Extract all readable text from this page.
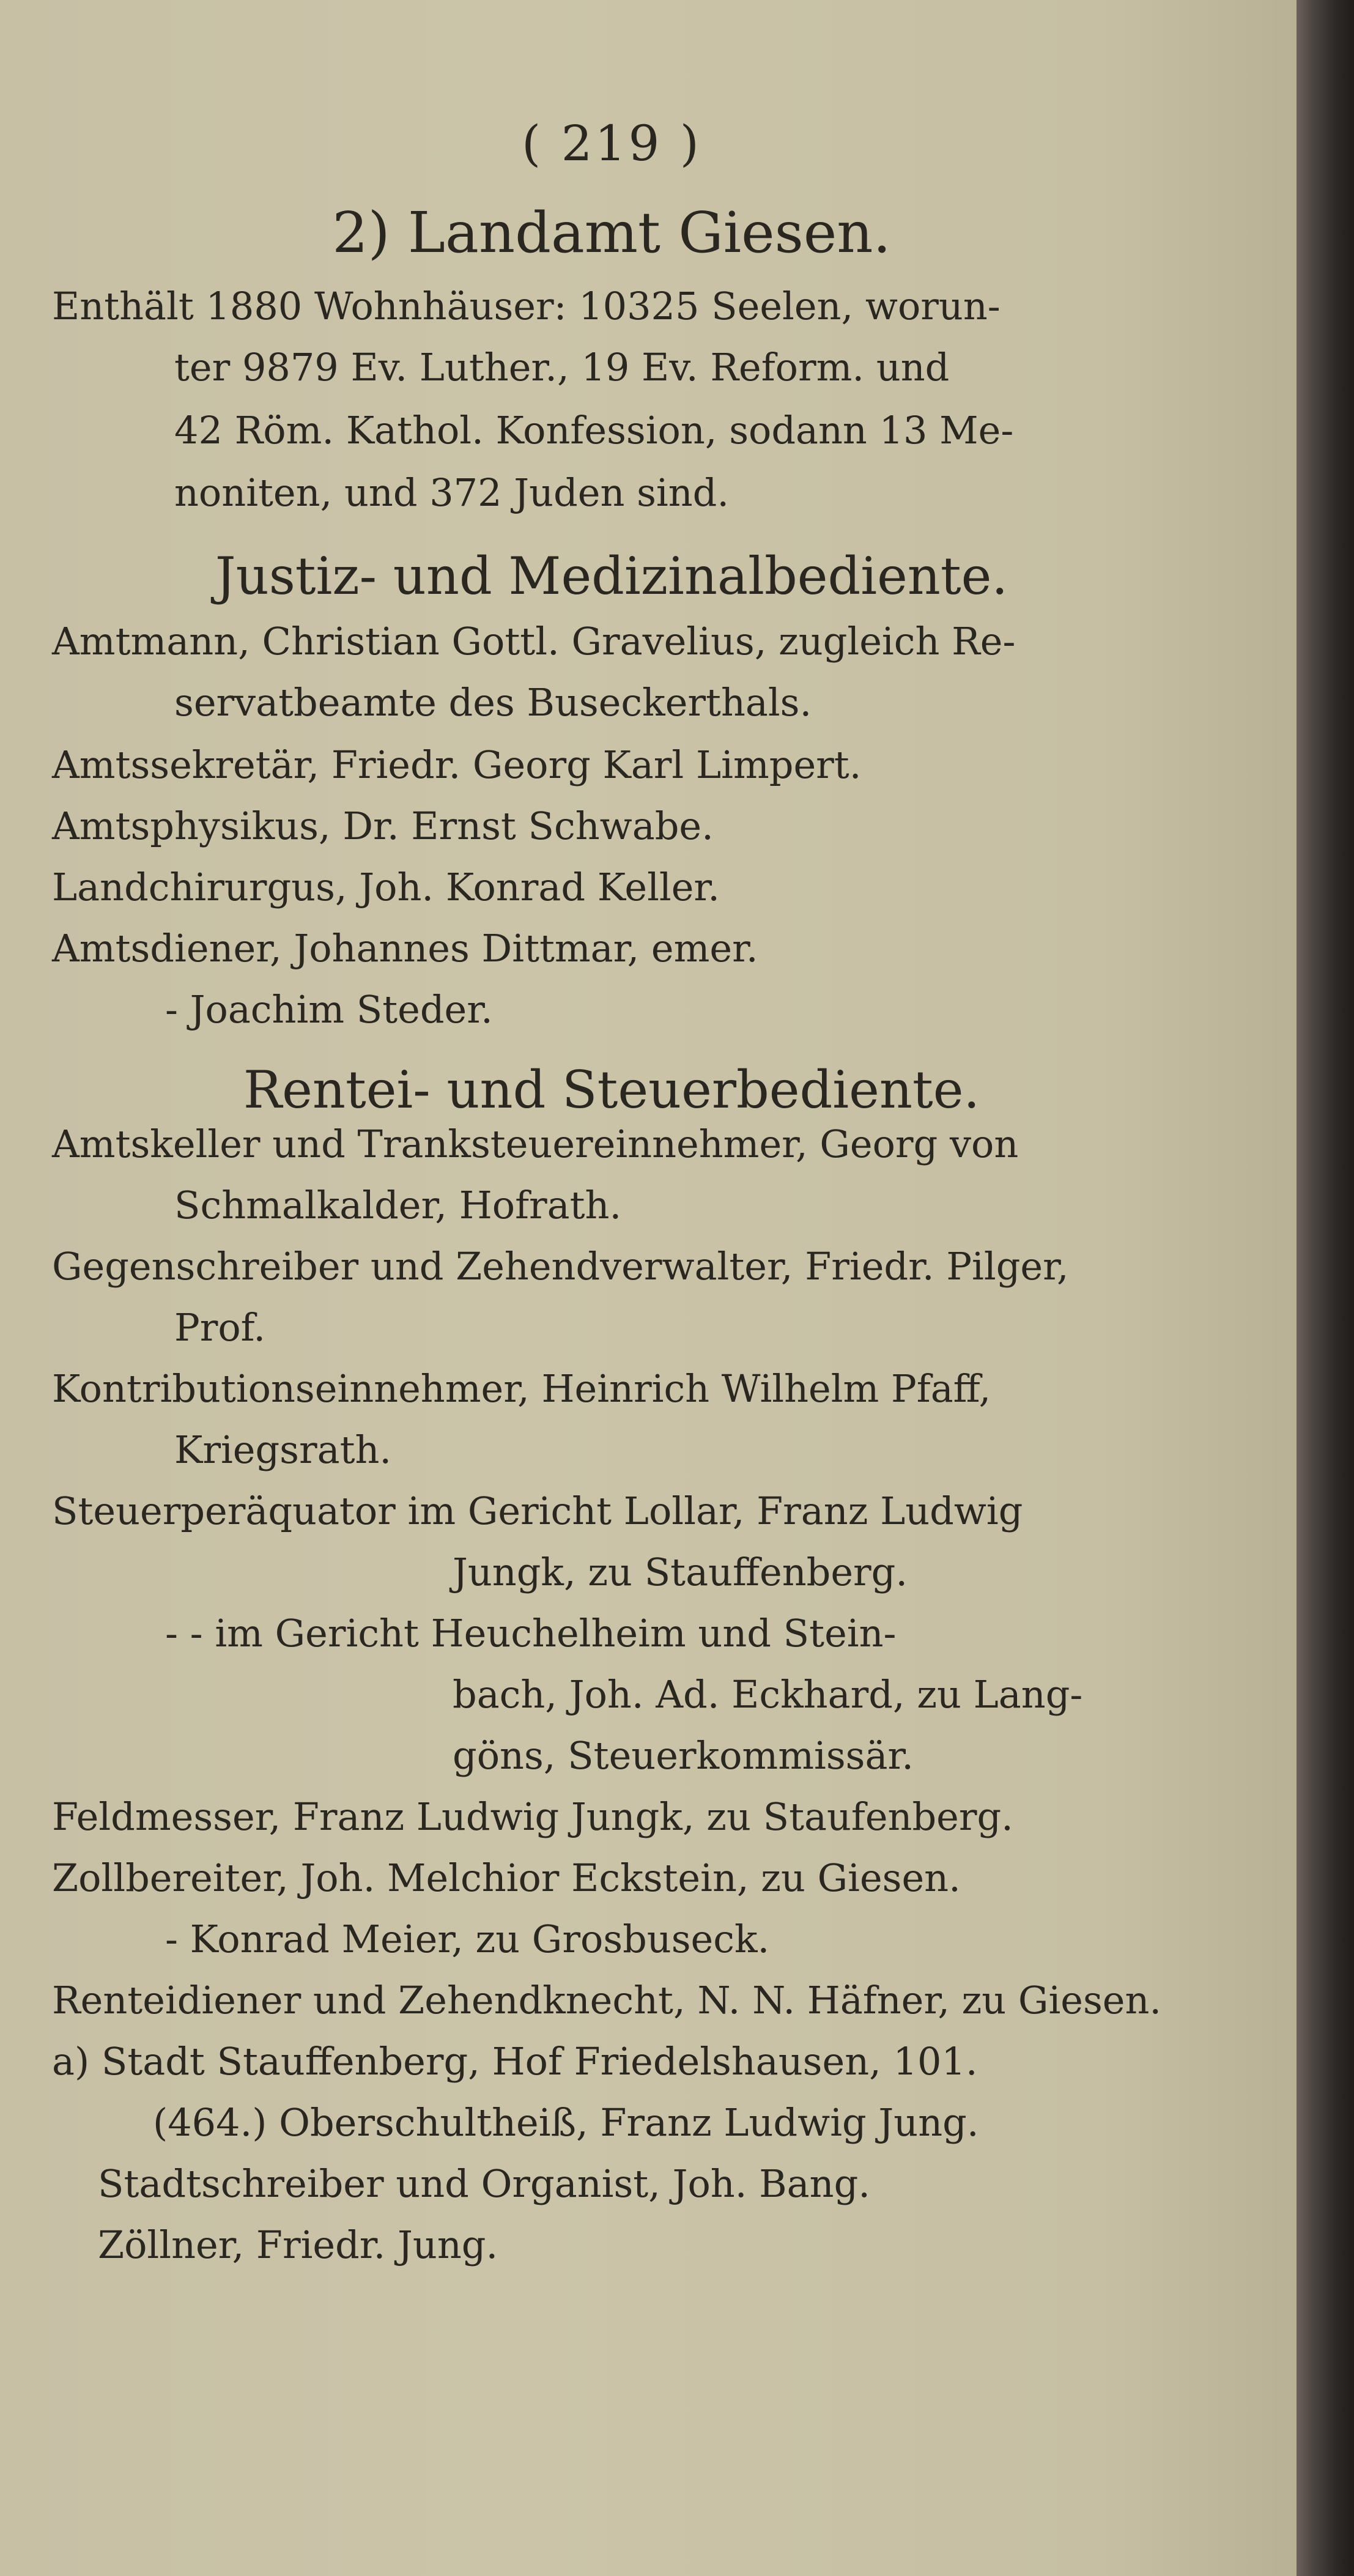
( 219 )
2) Landamt Giesen.
Enthält 1880 Wohnhäuser: 10325 Seelen, worun-
ter 9879 Ev. Luther., 19 Ev. Reform. und
42 Röm. Kathol. Konfession, sodann 13 Me-
noniten, und 372 Juden sind.
Justiz- und Medizinalbediente.
Amtmann, Christian Gottl. Gravelius, zugleich Re-
servatbeamte des Buseckerthals.
Amtssekretär, Friedr. Georg Karl Limpert.
Amtsphysikus, Dr. Ernst Schwabe.
Landchirurgus, Joh. Konrad Keller.
Amtsdiener, Johannes Dittmar, emer.
- Joachim Steder.
Rentei- und Steuerbediente.
Amtskeller und Tranksteuereinnehmer, Georg von
Schmalkalder, Hofrath.
Gegenschreiber und Zehendverwalter, Friedr. Pilger,
Prof.
Kontributionseinnehmer, Heinrich Wilhelm Pfaff,
Kriegsrath.
Steuerperäquator im Gericht Lollar, Franz Ludwig
Jungk, zu Stauffenberg.
- - im Gericht Heuchelheim und Stein-
bach, Joh. Ad. Eckhard, zu Lang-
göns, Steuerkommissär.
Feldmesser, Franz Ludwig Jungk, zu Staufenberg.
Zollbereiter, Joh. Melchior Eckstein, zu Giesen.
- Konrad Meier, zu Grosbuseck.
Renteidiener und Zehendknecht, N. N. Häfner, zu Giesen.
a) Stadt Stauffenberg, Hof Friedelshausen, 101.
(464.) Oberschultheiß, Franz Ludwig Jung.
Stadtschreiber und Organist, Joh. Bang.
Zöllner, Friedr. Jung.
